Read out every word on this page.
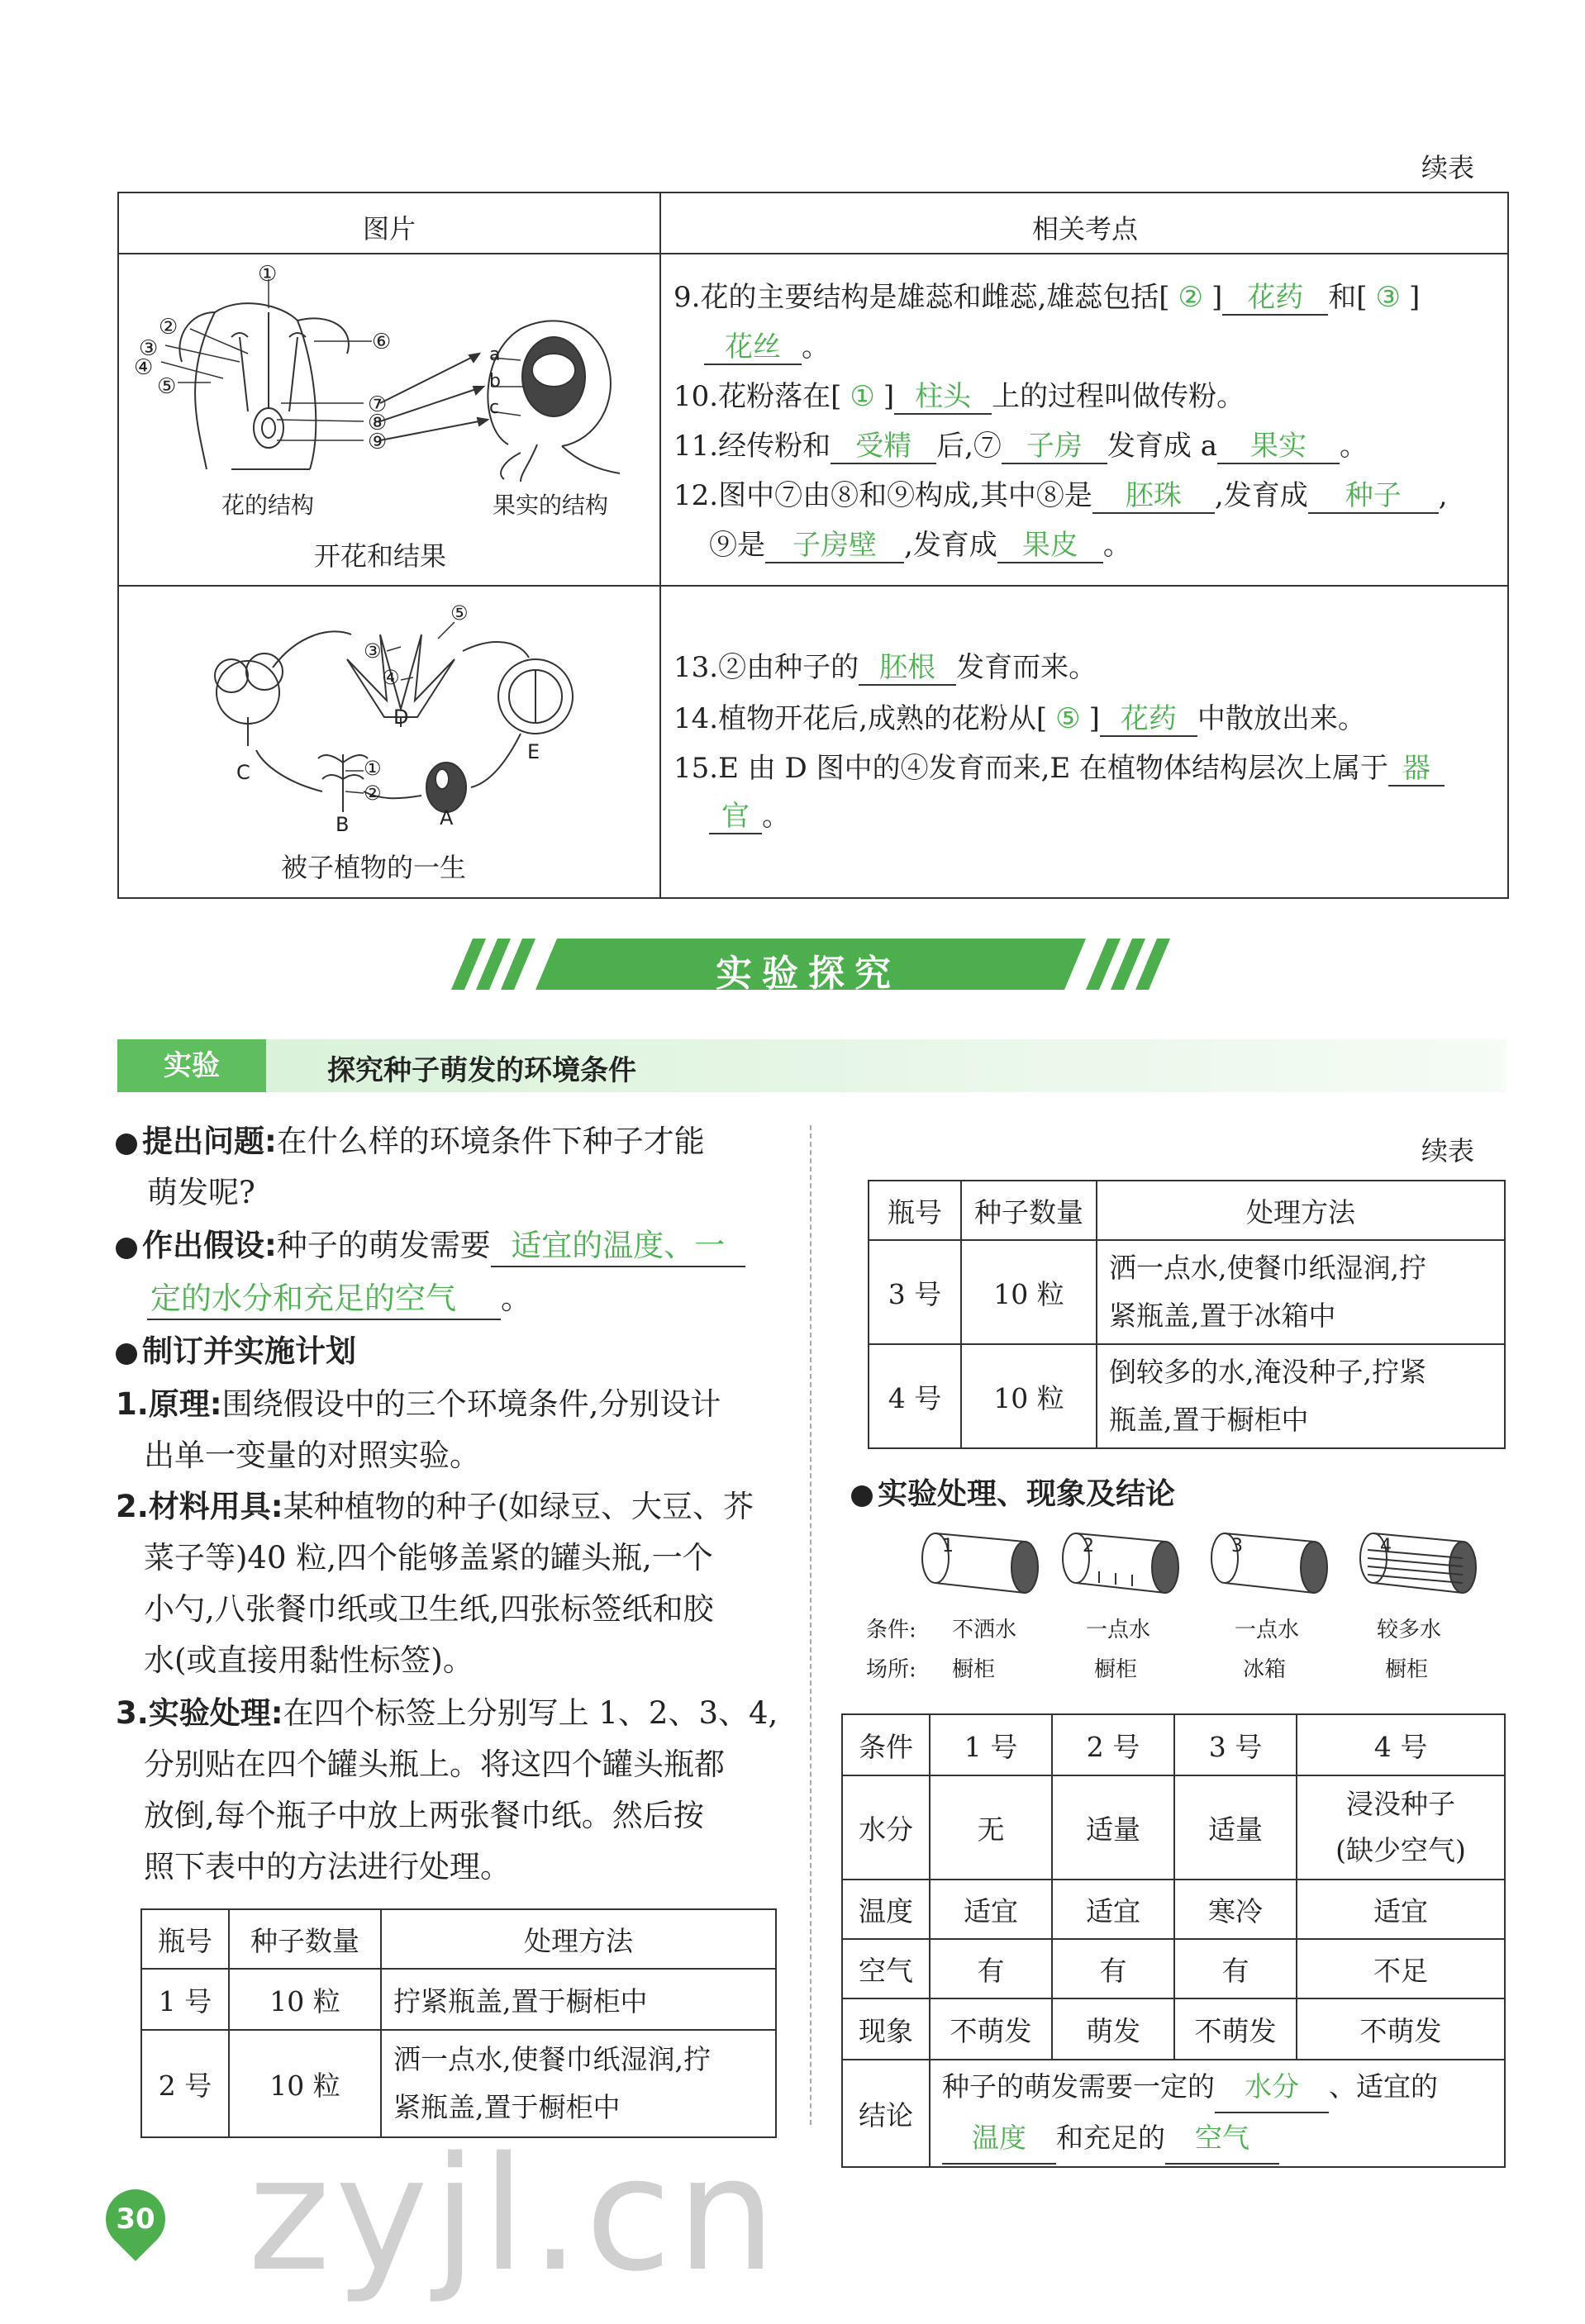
续表
图片	相关考点
①
②
③
④
⑤
⑥
⑦
⑧
⑨
a
b
c
花的结构	果实的结构
开花和结果
9.花的主要结构是雄蕊和雌蕊,雄蕊包括[ ② ] 花药 和[ ③ ]
花丝 。
10.花粉落在[ ① ] 柱头 上的过程叫做传粉。
11.经传粉和 受精 后,⑦ 子房 发育成 a 果实 。
12.图中⑦由⑧和⑨构成,其中⑧是 胚珠 ,发育成 种子 ,
⑨是 子房壁 ,发育成 果皮 。
③
④
⑤
①
②
D
C
E
B	A
被子植物的一生
13.②由种子的 胚根 发育而来。
14.植物开花后,成熟的花粉从[ ⑤ ] 花药 中散放出来。
15.E 由 D 图中的④发育而来,E 在植物体结构层次上属于 器
官 。
实验探究
实验	探究种子萌发的环境条件
提出问题:在什么样的环境条件下种子才能
萌发呢?
作出假设:种子的萌发需要 适宜的温度、一
定的水分和充足的空气 。
制订并实施计划
1.原理:围绕假设中的三个环境条件,分别设计
出单一变量的对照实验。
2.材料用具:某种植物的种子(如绿豆、大豆、芥
菜子等)40 粒,四个能够盖紧的罐头瓶,一个
小勺,八张餐巾纸或卫生纸,四张标签纸和胶
水(或直接用黏性标签)。
3.实验处理:在四个标签上分别写上 1、2、3、4,
分别贴在四个罐头瓶上。将这四个罐头瓶都
放倒,每个瓶子中放上两张餐巾纸。然后按
照下表中的方法进行处理。
瓶号	种子数量	处理方法
1 号	10 粒	拧紧瓶盖,置于橱柜中
2 号	10 粒	洒一点水,使餐巾纸湿润,拧
紧瓶盖,置于橱柜中
续表
瓶号	种子数量	处理方法
3 号	10 粒	洒一点水,使餐巾纸湿润,拧
紧瓶盖,置于冰箱中
4 号	10 粒	倒较多的水,淹没种子,拧紧
瓶盖,置于橱柜中
实验处理、现象及结论
1	2	3	4
条件: 不洒水	一点水	一点水	较多水
场所: 橱柜	橱柜	冰箱	橱柜
条件	1 号	2 号	3 号	4 号
水分	无	适量	适量	浸没种子
(缺少空气)
温度	适宜	适宜	寒冷	适宜
空气	有	有	有	不足
现象	不萌发	萌发	不萌发	不萌发
结论	种子的萌发需要一定的 水分 、适宜的
温度 和充足的 空气			
30 zyjl.cn
